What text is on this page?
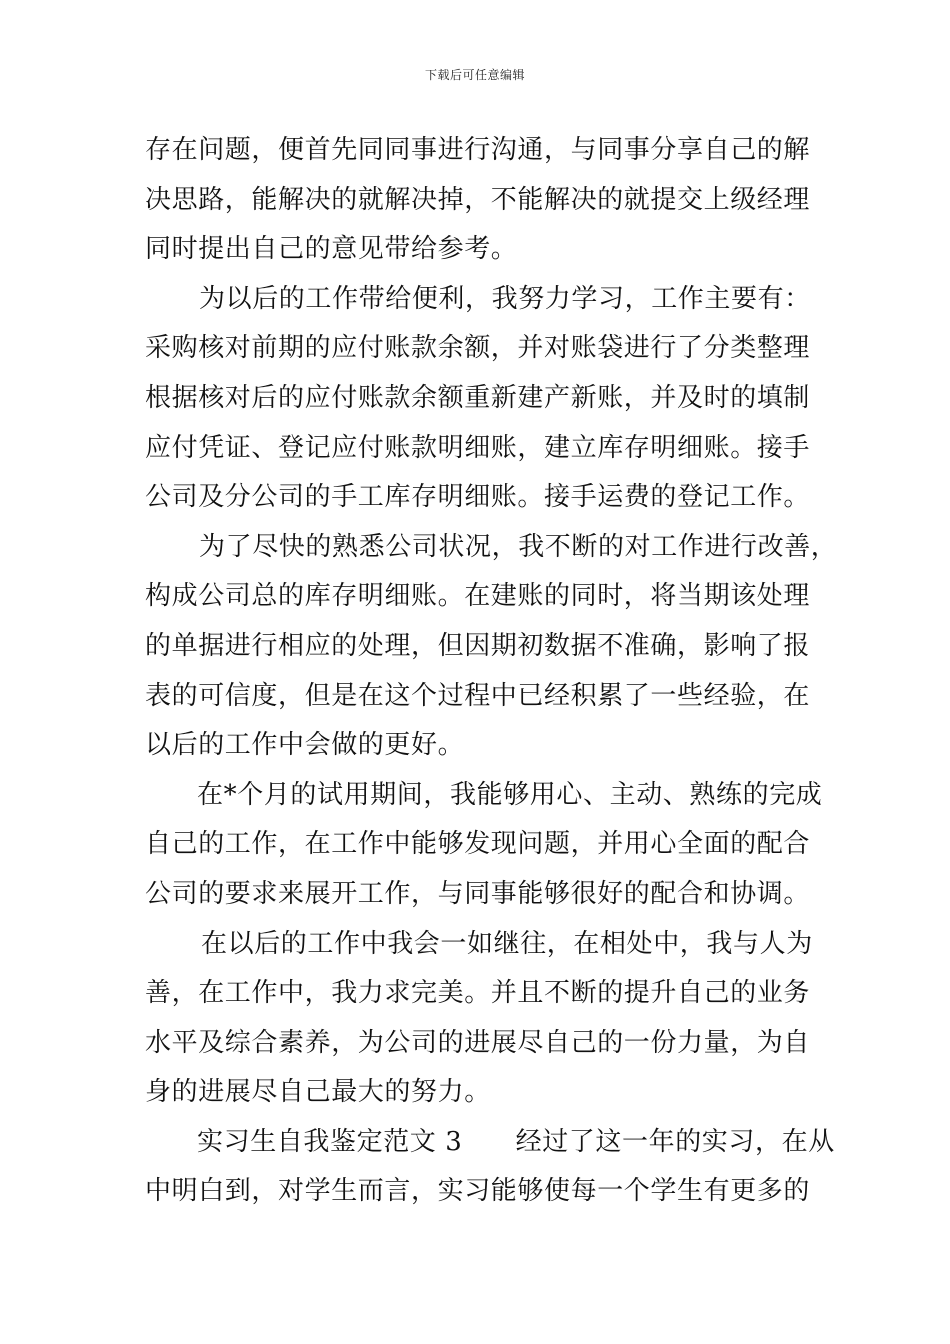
下载后可任意编辑
存在问题，便首先同同事进行沟通，与同事分享自己的解
决思路，能解决的就解决掉，不能解决的就提交上级经理
同时提出自己的意见带给参考。
为以后的工作带给便利，我努力学习，工作主要有：
采购核对前期的应付账款余额，并对账袋进行了分类整理
根据核对后的应付账款余额重新建产新账，并及时的填制
应付凭证、登记应付账款明细账，建立库存明细账。接手
公司及分公司的手工库存明细账。接手运费的登记工作。
为了尽快的熟悉公司状况，我不断的对工作进行改善，
构成公司总的库存明细账。在建账的同时，将当期该处理
的单据进行相应的处理，但因期初数据不准确，影响了报
表的可信度，但是在这个过程中已经积累了一些经验，在
以后的工作中会做的更好。
在*个月的试用期间，我能够用心、主动、熟练的完成
自己的工作，在工作中能够发现问题，并用心全面的配合
公司的要求来展开工作，与同事能够很好的配合和协调。
在以后的工作中我会一如继往，在相处中，我与人为
善，在工作中，我力求完美。并且不断的提升自己的业务
水平及综合素养，为公司的进展尽自己的一份力量，为自
身的进展尽自己最大的努力。
实习生自我鉴定范文 3　　经过了这一年的实习，在从
中明白到，对学生而言，实习能够使每一个学生有更多的
